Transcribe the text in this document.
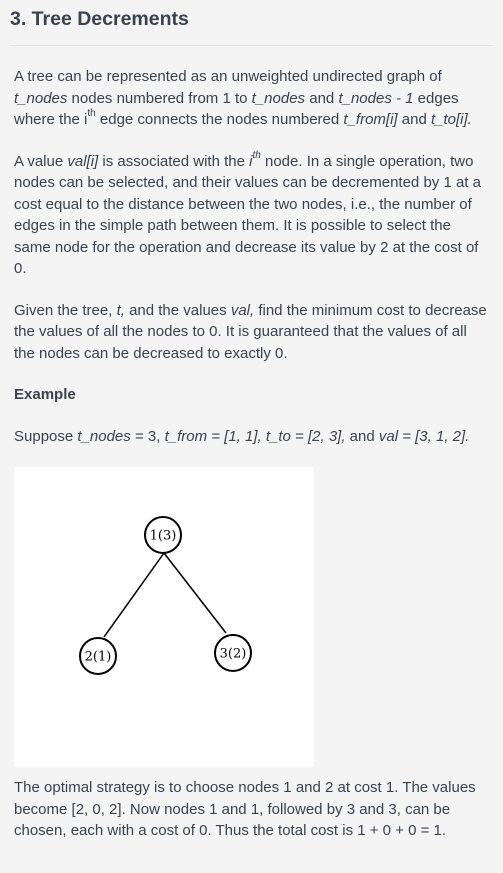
3. Tree Decrements

A tree can be represented as an unweighted undirected graph of t_nodes nodes numbered from 1 to t_nodes and t_nodes - 1 edges where the $i^{th}$ edge connects the nodes numbered t_from[i] and t_to[i].

A value val[i] is associated with the $i^{th}$ node. In a single operation, two nodes can be selected, and their values can be decremented by 1 at a cost equal to the distance between the two nodes, i.e., the number of edges in the simple path between them. It is possible to select the same node for the operation and decrease its value by 2 at the cost of 0.

Given the tree, t, and the values val, find the minimum cost to decrease the values of all the nodes to 0. It is guaranteed that the values of all the nodes can be decreased to exactly 0.

Example

Suppose t_nodes = 3, t_from = [1, 1], t_to = [2, 3], and val = [3, 1, 2].

1(3)
2(1)	3(2)

The optimal strategy is to choose nodes 1 and 2 at cost 1. The values become [2, 0, 2]. Now nodes 1 and 1, followed by 3 and 3, can be chosen, each with a cost of 0. Thus the total cost is 1 + 0 + 0 = 1.
